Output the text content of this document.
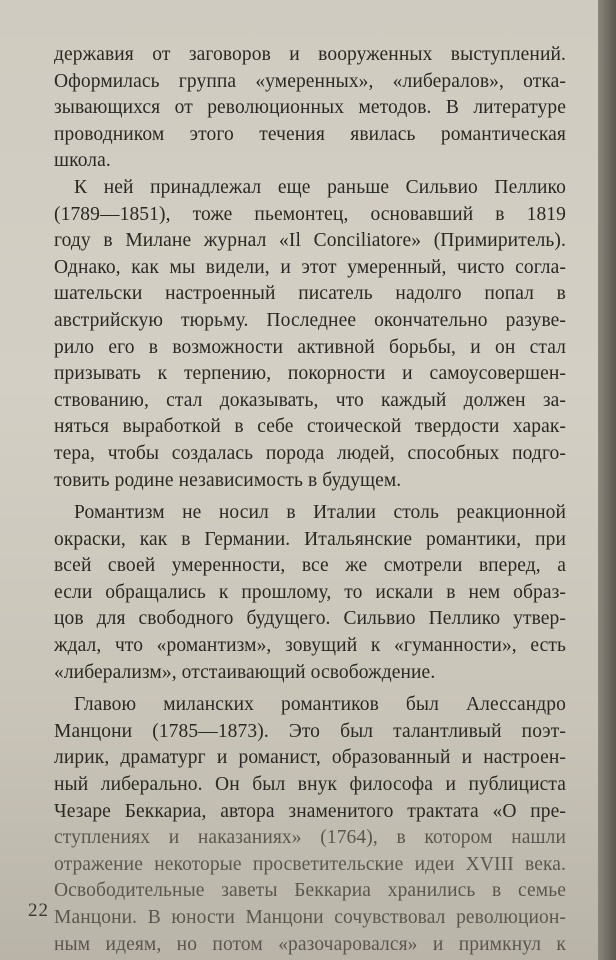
державия от заговоров и вооруженных выступлений.
Оформилась группа «умеренных», «либералов», отка-
зывающихся от революционных методов. В литературе
проводником этого течения явилась романтическая
школа.
К ней принадлежал еще раньше Сильвио Пеллико
(1789—1851), тоже пьемонтец, основавший в 1819
году в Милане журнал «Il Conciliatore» (Примиритель).
Однако, как мы видели, и этот умеренный, чисто согла-
шательски настроенный писатель надолго попал в
австрийскую тюрьму. Последнее окончательно разуве-
рило его в возможности активной борьбы, и он стал
призывать к терпению, покорности и самоусовершен-
ствованию, стал доказывать, что каждый должен за-
няться выработкой в себе стоической твердости харак-
тера, чтобы создалась порода людей, способных подго-
товить родине независимость в будущем.
Романтизм не носил в Италии столь реакционной
окраски, как в Германии. Итальянские романтики, при
всей своей умеренности, все же смотрели вперед, а
если обращались к прошлому, то искали в нем образ-
цов для свободного будущего. Сильвио Пеллико утвер-
ждал, что «романтизм», зовущий к «гуманности», есть
«либерализм», отстаивающий освобождение.
Главою миланских романтиков был Алессандро
Манцони (1785—1873). Это был талантливый поэт-
лирик, драматург и романист, образованный и настроен-
ный либерально. Он был внук философа и публициста
Чезаре Беккариа, автора знаменитого трактата «О пре-
ступлениях и наказаниях» (1764), в котором нашли
отражение некоторые просветительские идеи XVIII века.
Освободительные заветы Беккариа хранились в семье
Манцони. В юности Манцони сочувствовал революцион-
ным идеям, но потом «разочаровался» и примкнул к
22
